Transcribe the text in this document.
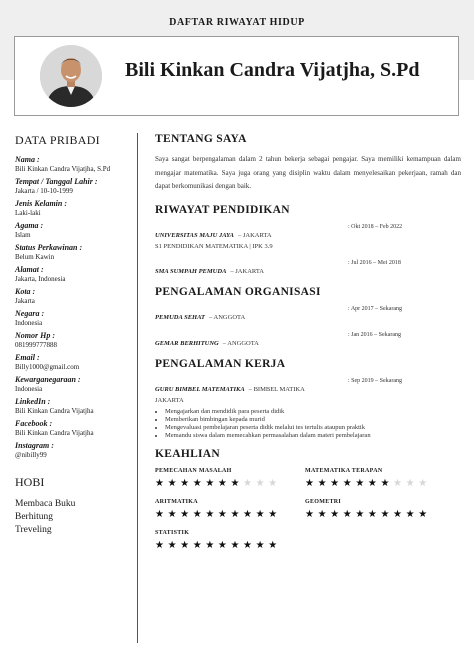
DAFTAR RIWAYAT HIDUP
Bili Kinkan Candra Vijatjha, S.Pd
DATA PRIBADI
Nama :
Bili Kinkan Candra Vijatjha, S.Pd
Tempat / Tanggal Lahir :
Jakarta / 10-10-1999
Jenis Kelamin :
Laki-laki
Agama :
Islam
Status Perkawinan :
Belum Kawin
Alamat :
Jakarta, Indonesia
Kota :
Jakarta
Negara :
Indonesia
Nomor Hp :
081999777888
Email :
Billy1000@gmail.com
Kewarganegaraan :
Indonesia
LinkedIn :
Bili Kinkan Candra Vijatjha
Facebook :
Bili Kinkan Candra Vijatjha
Instagram :
@nibilly99
HOBI
Membaca Buku
Berhitung
Treveling
TENTANG SAYA
Saya sangat berpengalaman dalam 2 tahun bekerja sebagai pengajar. Saya memiliki kemampuan dalam mengajar matematika. Saya juga orang yang disiplin waktu dalam menyelesaikan pekerjaan, ramah dan dapat berkomunikasi dengan baik.
RIWAYAT PENDIDIKAN
UNIVERSITAS MAJU JAYA – JAKARTA
S1 PENDIDIKAN MATEMATIKA | IPK 3.9
: Okt 2018 – Feb 2022
SMA SUMPAH PEMUDA – JAKARTA
: Jul 2016 – Mei 2018
PENGALAMAN ORGANISASI
PEMUDA SEHAT – ANGGOTA
: Apr 2017 – Sekarang
GEMAR BERHITUNG – ANGGOTA
: Jan 2016 – Sekarang
PENGALAMAN KERJA
GURU BIMBEL MATEMATIKA – BIMBEL MATIKA
JAKARTA
: Sep 2019 – Sekarang
• Mengajarkan dan mendidik para peserta didik
• Memberikan bimbingan kepada murid
• Mengevaluasi pembelajaran peserta didik melalui tes tertulis ataupun praktik
• Memandu siswa dalam memecahkan permasalahan dalam materi pembelajaran
KEAHLIAN
PEMECAHAN MASALAH
★★★★★★★★★★
MATEMATIKA TERAPAN
★★★★★★★★★★
ARITMATIKA
★★★★★★★★★★
GEOMETRI
★★★★★★★★★★
STATISTIK
★★★★★★★★★★
